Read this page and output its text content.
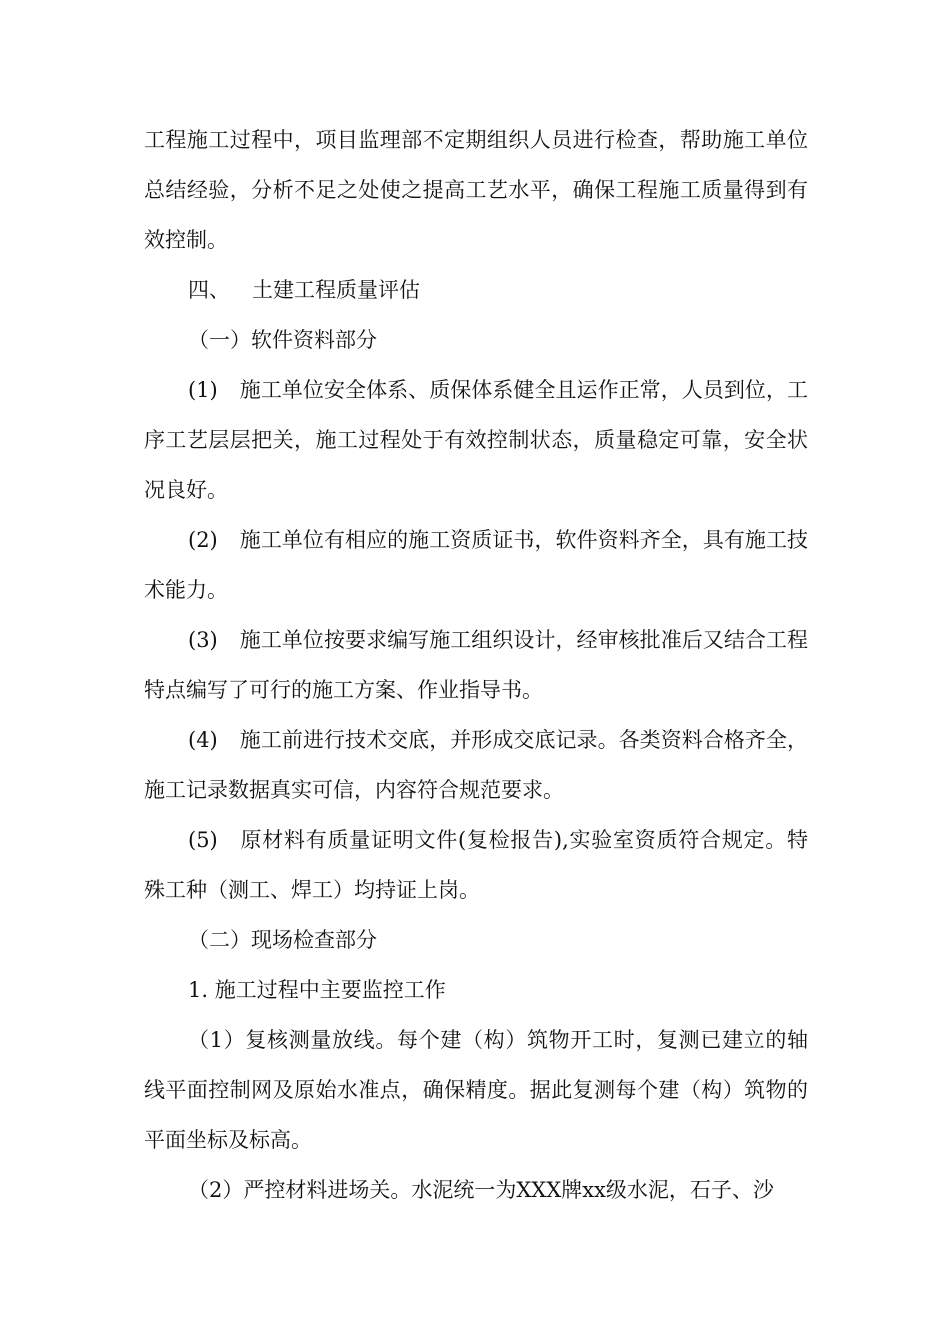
工程施工过程中，项目监理部不定期组织人员进行检查，帮助施工单位总结经验，分析不足之处使之提高工艺水平，确保工程施工质量得到有效控制。

四、 土建工程质量评估

（一）软件资料部分

(1) 施工单位安全体系、质保体系健全且运作正常，人员到位，工序工艺层层把关，施工过程处于有效控制状态，质量稳定可靠，安全状况良好。

(2) 施工单位有相应的施工资质证书，软件资料齐全，具有施工技术能力。

(3) 施工单位按要求编写施工组织设计，经审核批准后又结合工程特点编写了可行的施工方案、作业指导书。

(4) 施工前进行技术交底，并形成交底记录。各类资料合格齐全，施工记录数据真实可信，内容符合规范要求。

(5) 原材料有质量证明文件(复检报告),实验室资质符合规定。特殊工种（测工、焊工）均持证上岗。

（二）现场检查部分

1. 施工过程中主要监控工作

（1）复核测量放线。每个建（构）筑物开工时，复测已建立的轴线平面控制网及原始水准点，确保精度。据此复测每个建（构）筑物的平面坐标及标高。

（2）严控材料进场关。水泥统一为XXX牌xx级水泥，石子、沙
